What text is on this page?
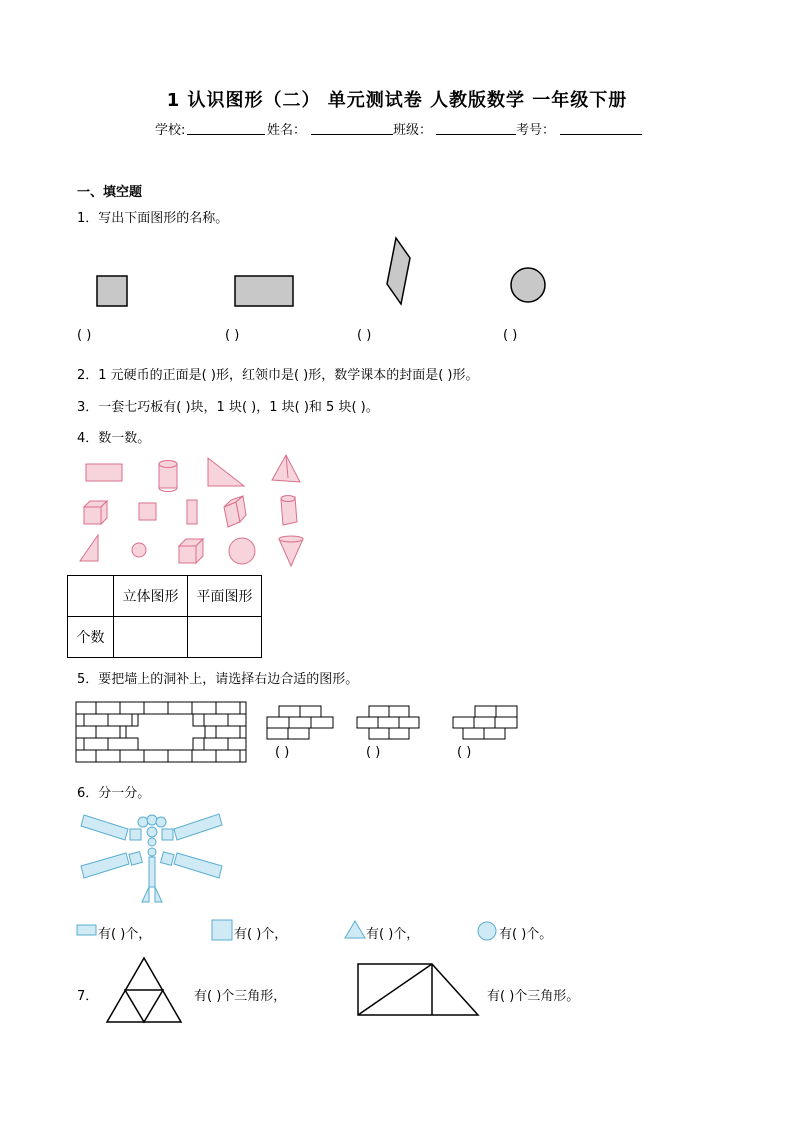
1 认识图形（二） 单元测试卷 人教版数学 一年级下册
学校:	姓名：	班级：	考号：
一、填空题
1．写出下面图形的名称。
( )	( )	( )	( )
2．1 元硬币的正面是( )形，红领巾是( )形，数学课本的封面是( )形。
3．一套七巧板有( )块，1 块( )，1 块( )和 5 块( )。
4．数一数。
	立体图形	平面图形
个数		
5．要把墙上的洞补上，请选择右边合适的图形。
( )	( )	( )
6．分一分。
有( )个，	有( )个，	有( )个，	有( )个。
7．	有( )个三角形，	有( )个三角形。
